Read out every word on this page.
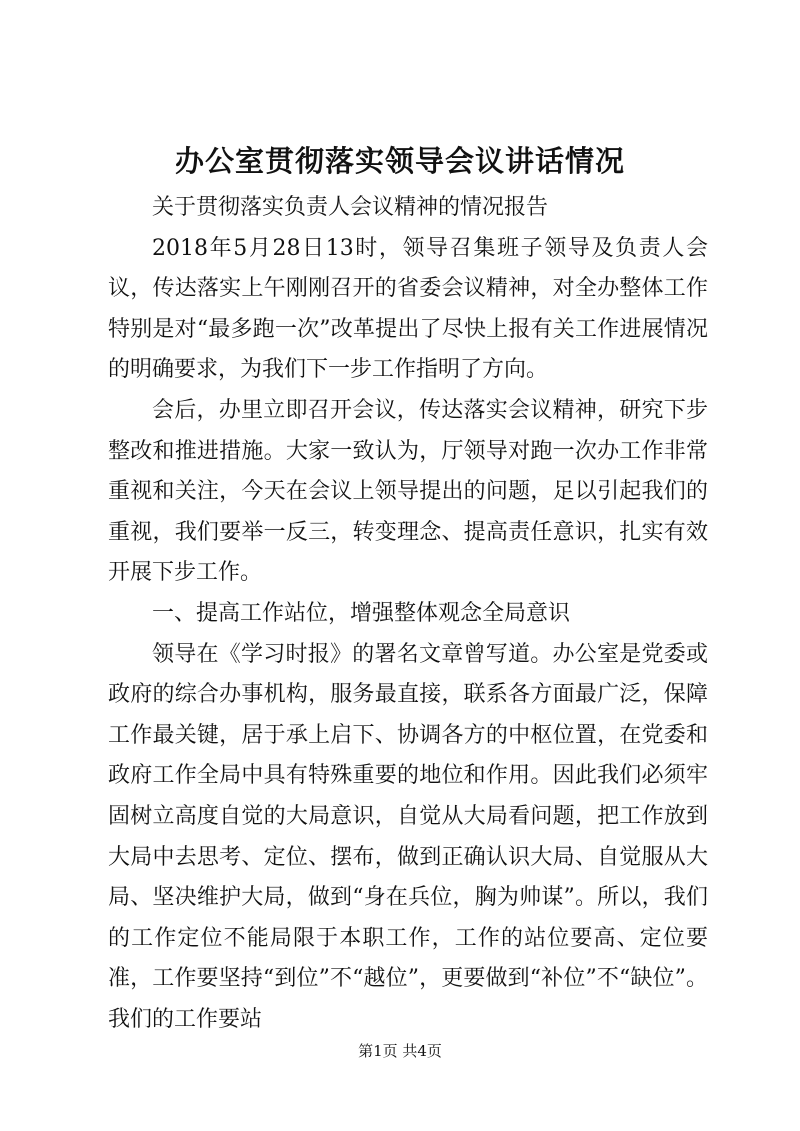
办公室贯彻落实领导会议讲话情况

关于贯彻落实负责人会议精神的情况报告

2018年5月28日13时，领导召集班子领导及负责人会议，传达落实上午刚刚召开的省委会议精神，对全办整体工作特别是对“最多跑一次”改革提出了尽快上报有关工作进展情况的明确要求，为我们下一步工作指明了方向。

会后，办里立即召开会议，传达落实会议精神，研究下步整改和推进措施。大家一致认为，厅领导对跑一次办工作非常重视和关注，今天在会议上领导提出的问题，足以引起我们的重视，我们要举一反三，转变理念、提高责任意识，扎实有效开展下步工作。

一、提高工作站位，增强整体观念全局意识

领导在《学习时报》的署名文章曾写道。办公室是党委或政府的综合办事机构，服务最直接，联系各方面最广泛，保障工作最关键，居于承上启下、协调各方的中枢位置，在党委和政府工作全局中具有特殊重要的地位和作用。因此我们必须牢固树立高度自觉的大局意识，自觉从大局看问题，把工作放到大局中去思考、定位、摆布，做到正确认识大局、自觉服从大局、坚决维护大局，做到“身在兵位，胸为帅谋”。所以，我们的工作定位不能局限于本职工作，工作的站位要高、定位要准，工作要坚持“到位”不“越位”，更要做到“补位”不“缺位”。我们的工作要站

第1页 共4页
